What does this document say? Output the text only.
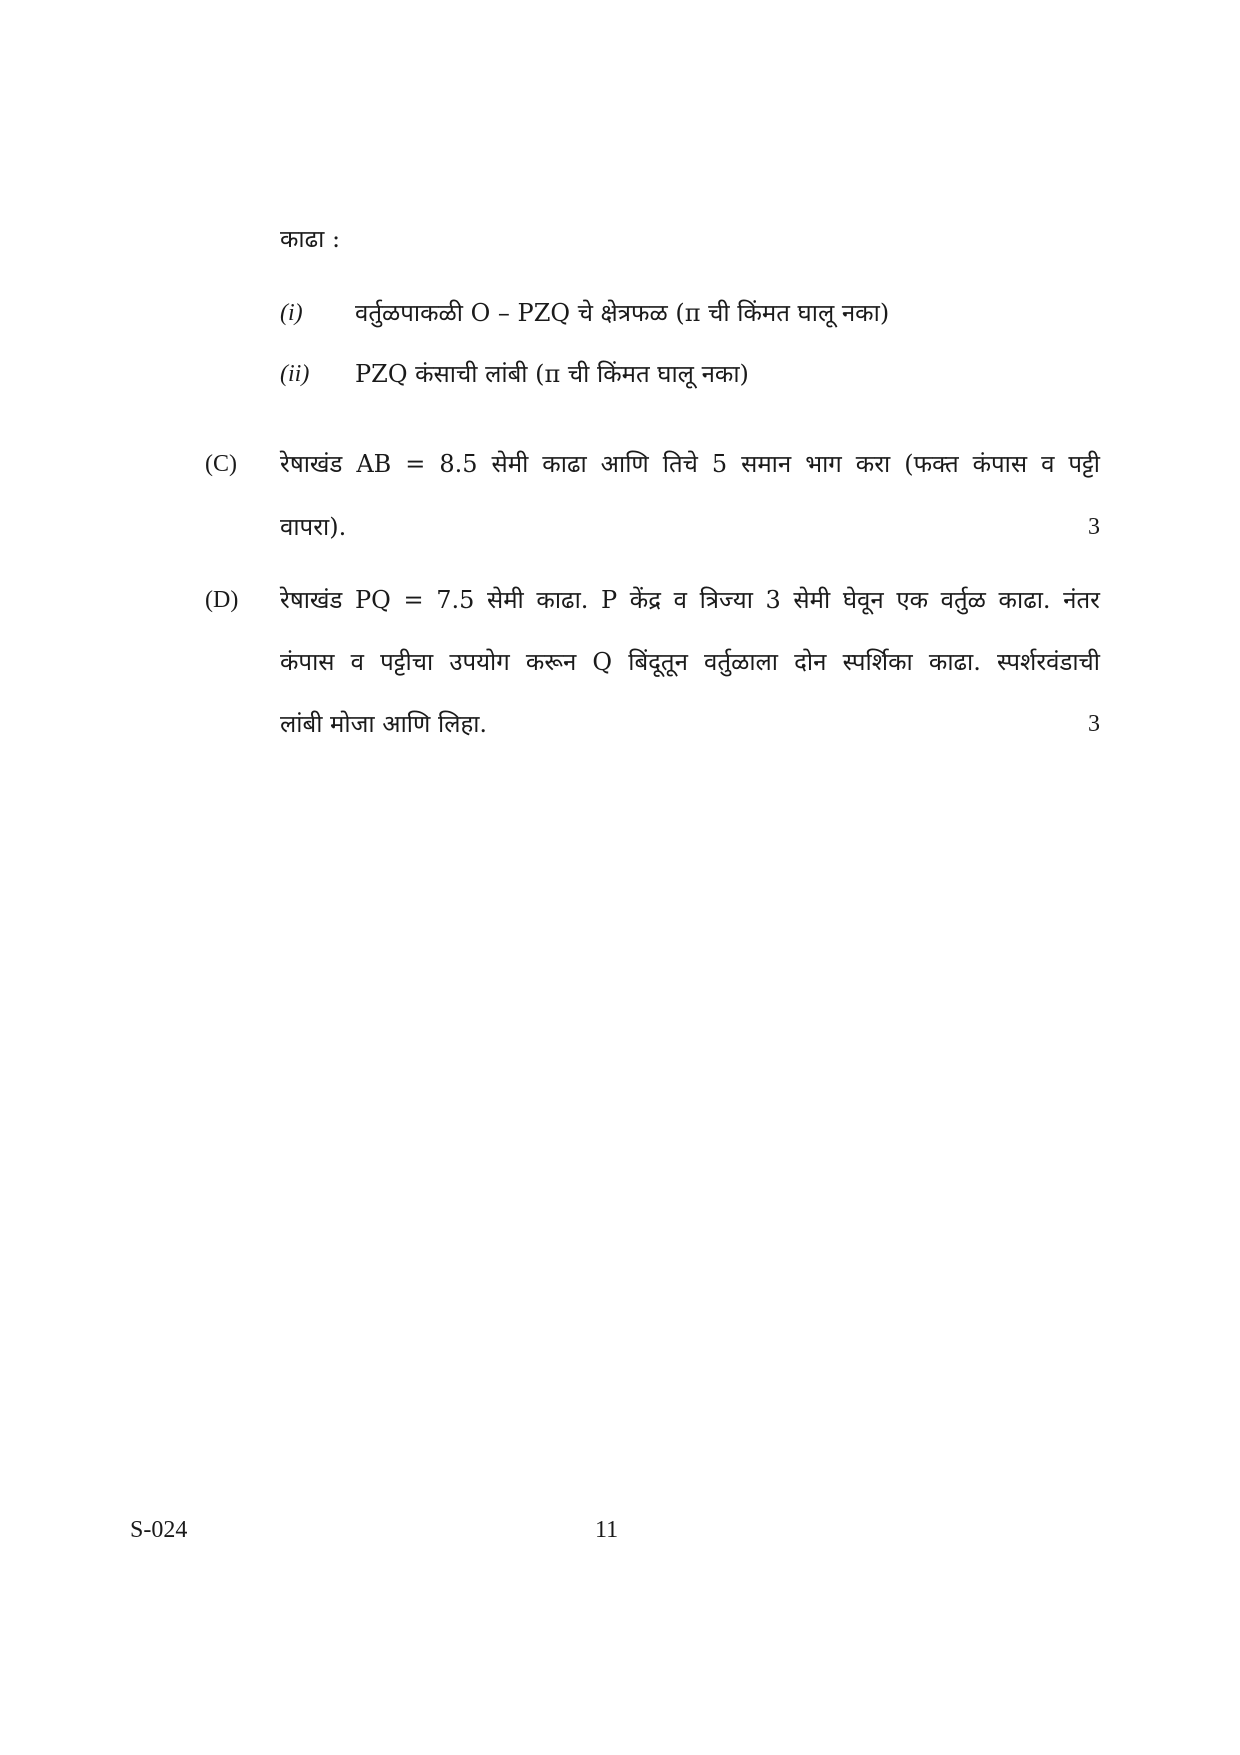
काढा :
(i) वर्तुळपाकळी O – PZQ चे क्षेत्रफळ (π ची किंमत घालू नका)
(ii) PZQ कंसाची लांबी (π ची किंमत घालू नका)
(C) रेषाखंड AB = 8.5 सेमी काढा आणि तिचे 5 समान भाग करा (फक्त कंपास व पट्टी
वापरा).	3
(D) रेषाखंड PQ = 7.5 सेमी काढा. P केंद्र व त्रिज्या 3 सेमी घेवून एक वर्तुळ काढा. नंतर
कंपास व पट्टीचा उपयोग करून Q बिंदूतून वर्तुळाला दोन स्पर्शिका काढा. स्पर्शरवंडाची
लांबी मोजा आणि लिहा.	3
S-024	11
